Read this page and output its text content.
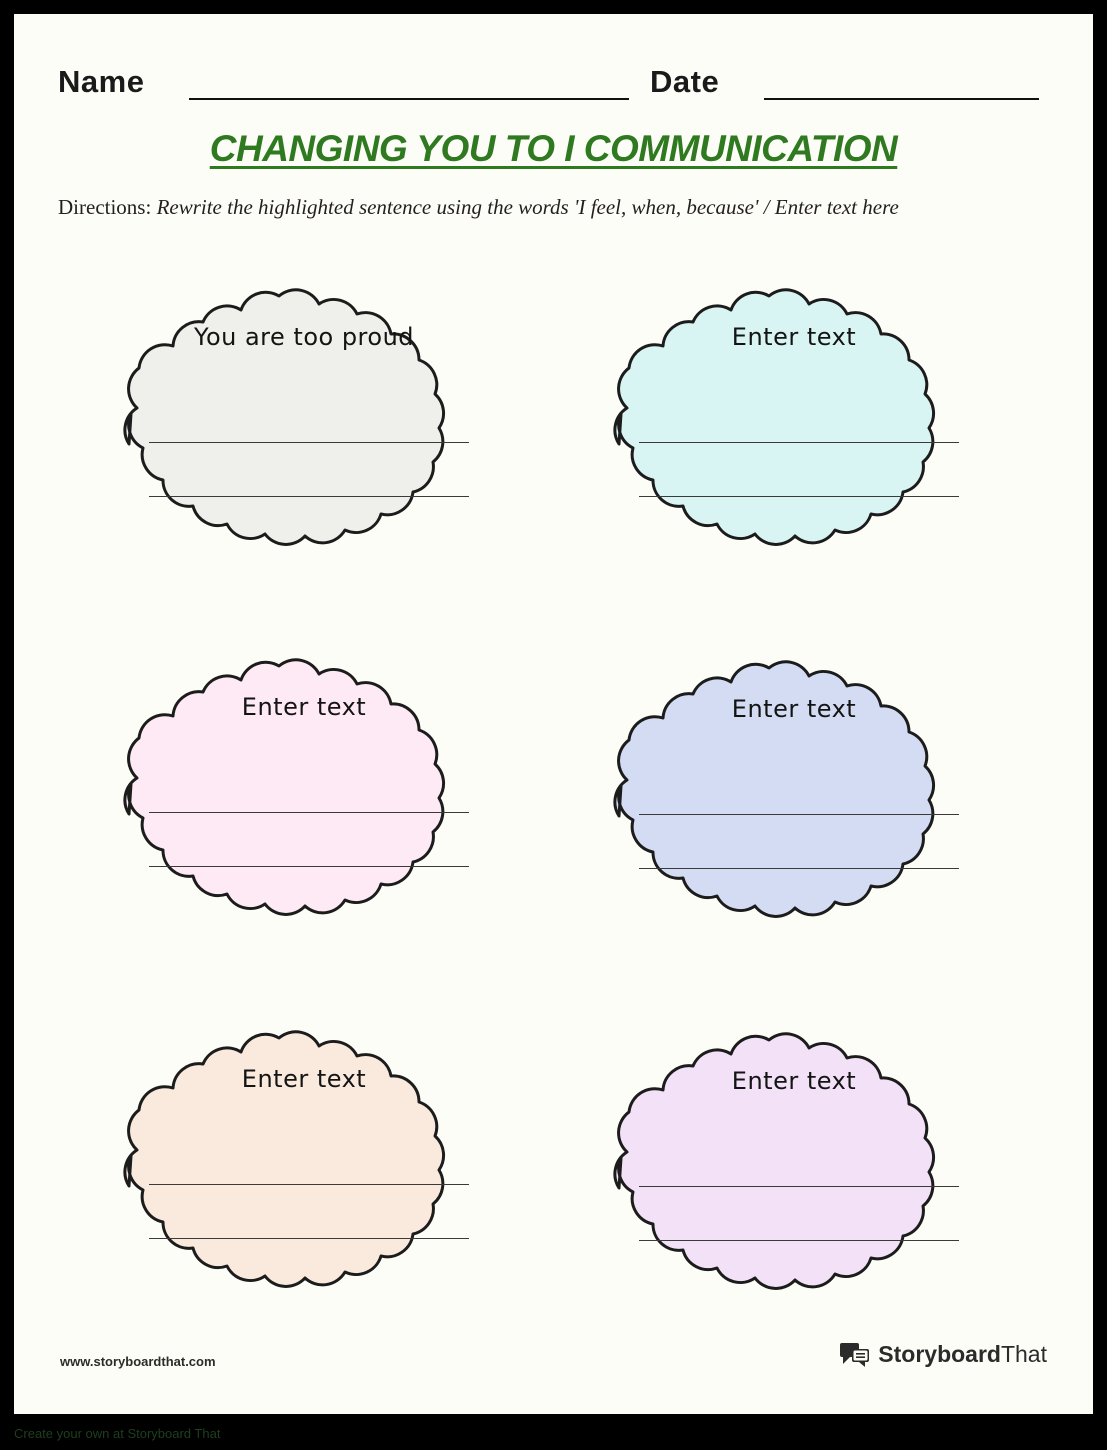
Name	Date
CHANGING YOU TO I COMMUNICATION
Directions: Rewrite the highlighted sentence using the words 'I feel, when, because' / Enter text here
You are too proud	Enter text
Enter text	Enter text
Enter text	Enter text
www.storyboardthat.com	StoryboardThat
Create your own at Storyboard That
